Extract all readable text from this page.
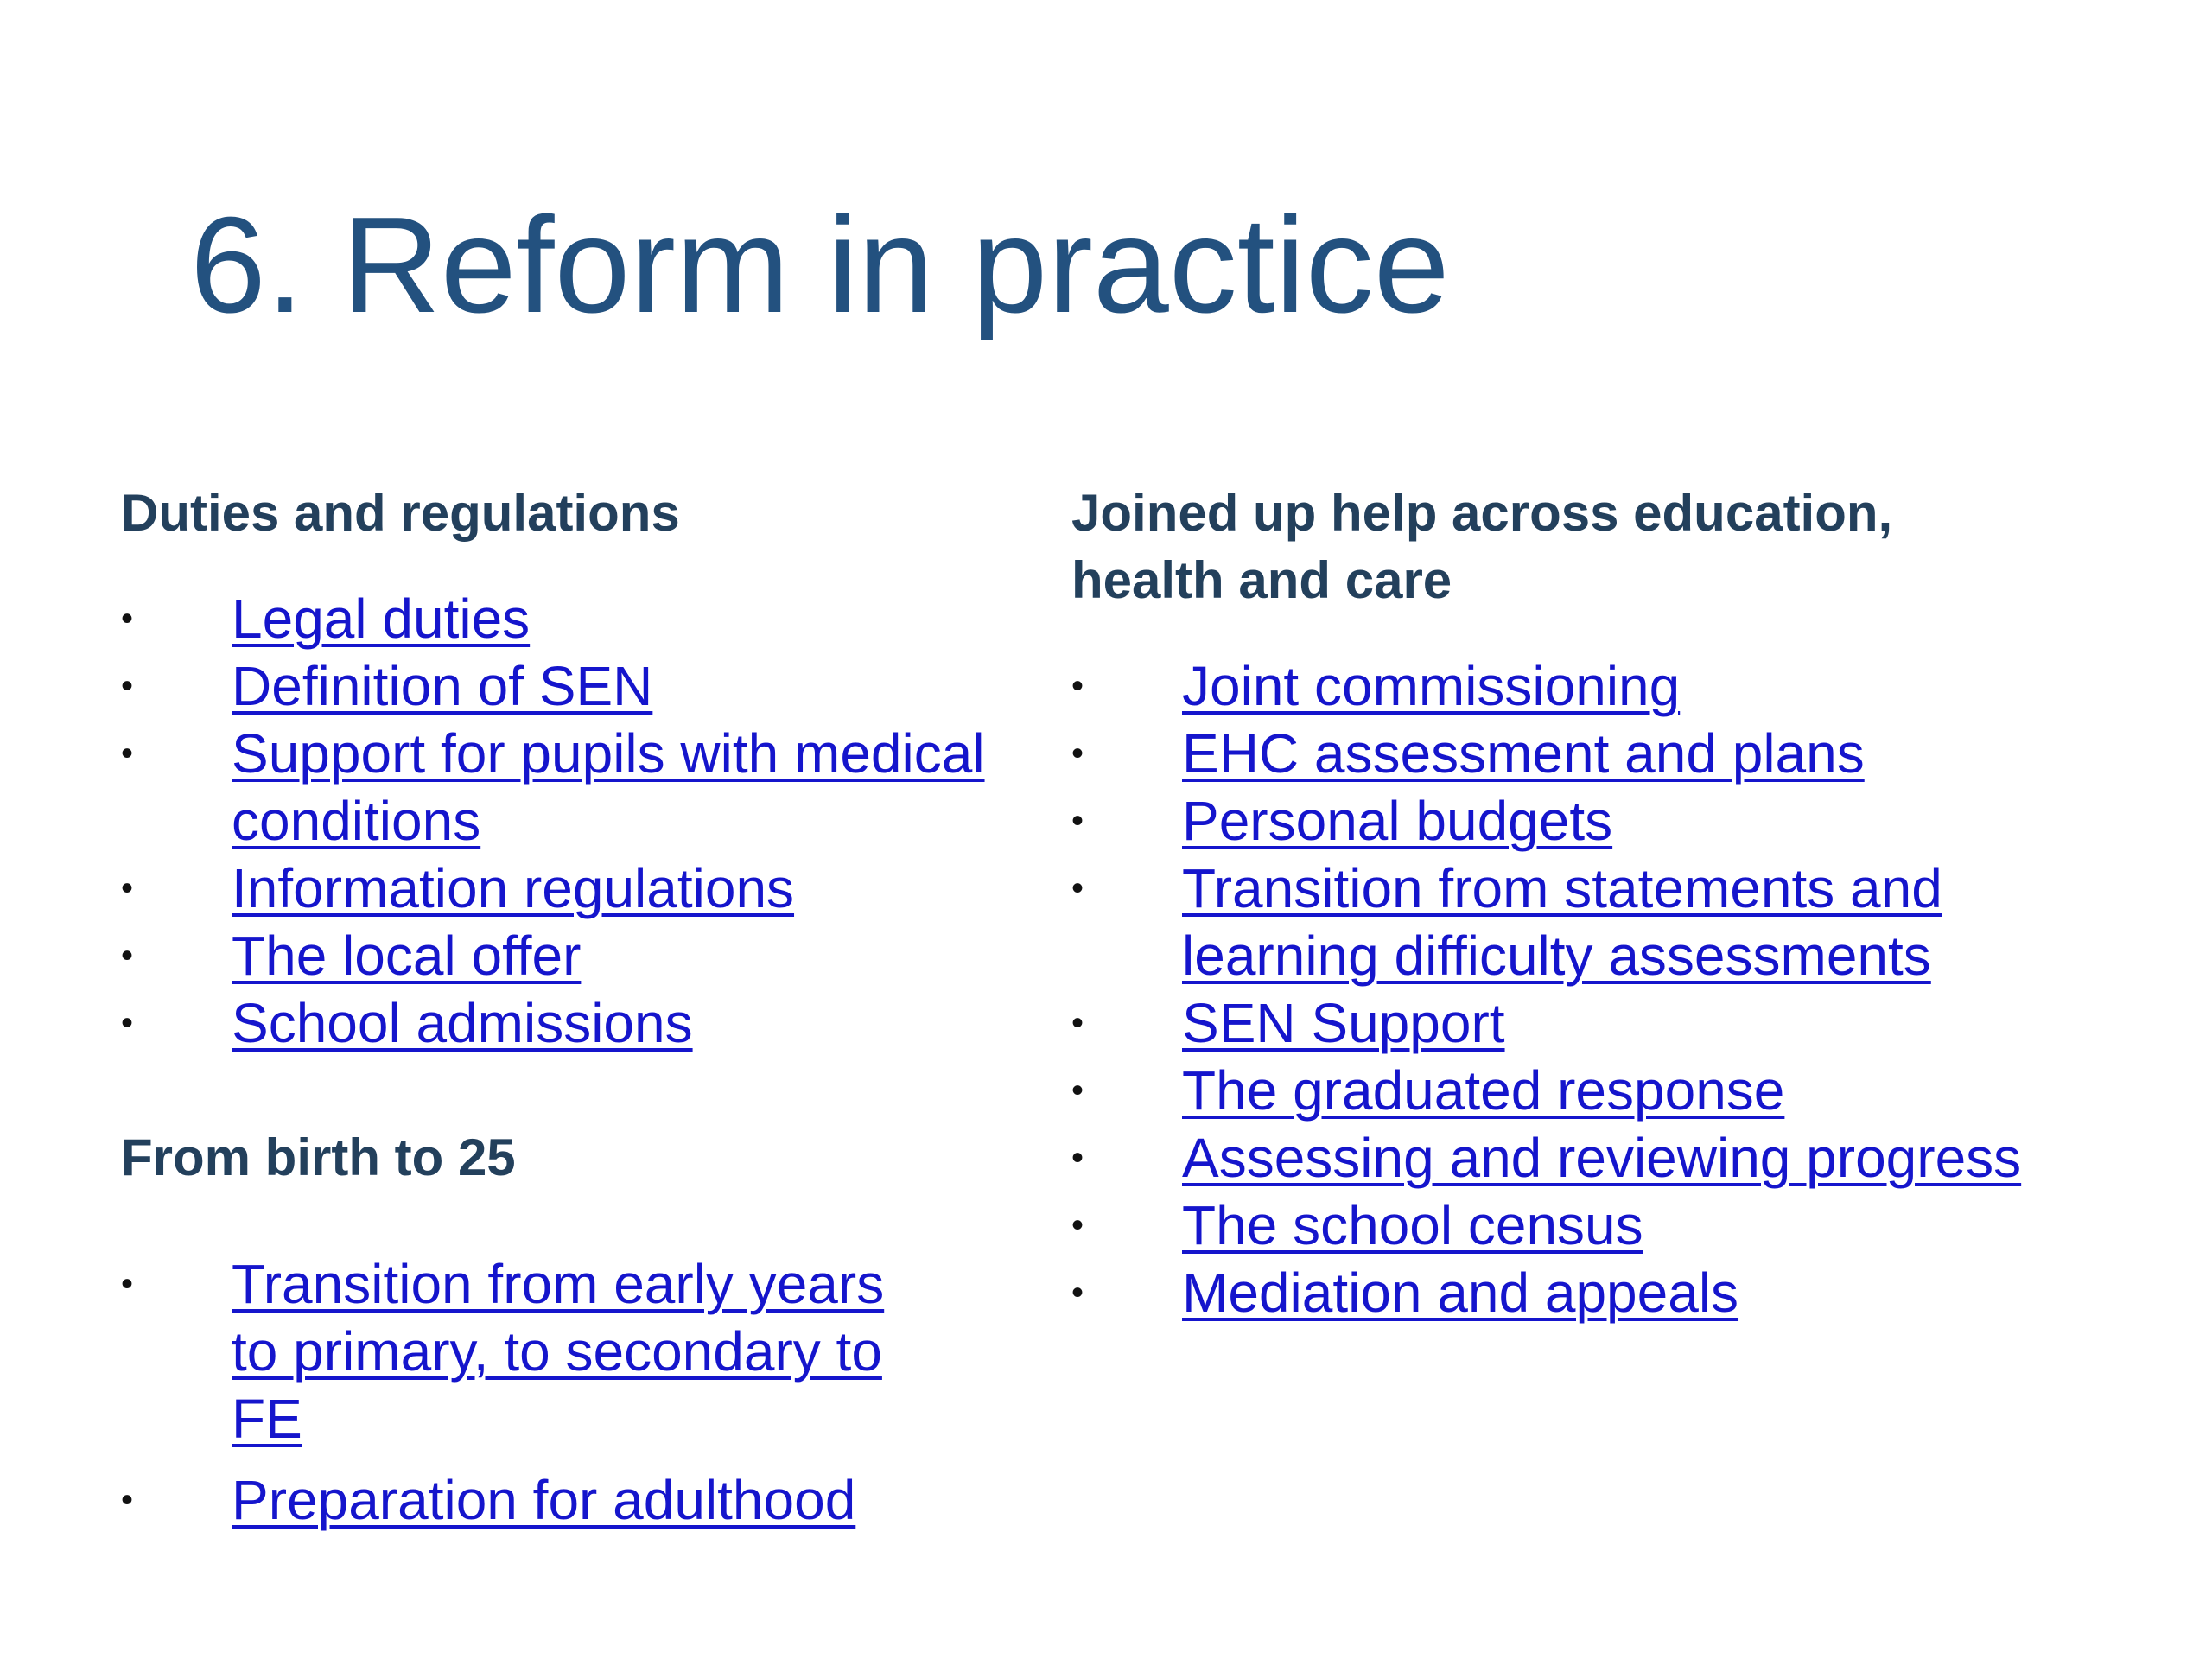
6. Reform in practice
Duties and regulations
• Legal duties
• Definition of SEN
• Support for pupils with medical conditions
• Information regulations
• The local offer
• School admissions
From birth to 25
• Transition from early years to primary, to secondary to FE
• Preparation for adulthood
Joined up help across education, health and care
• Joint commissioning
• EHC assessment and plans
• Personal budgets
• Transition from statements and learning difficulty assessments
• SEN Support
• The graduated response
• Assessing and reviewing progress
• The school census
• Mediation and appeals
